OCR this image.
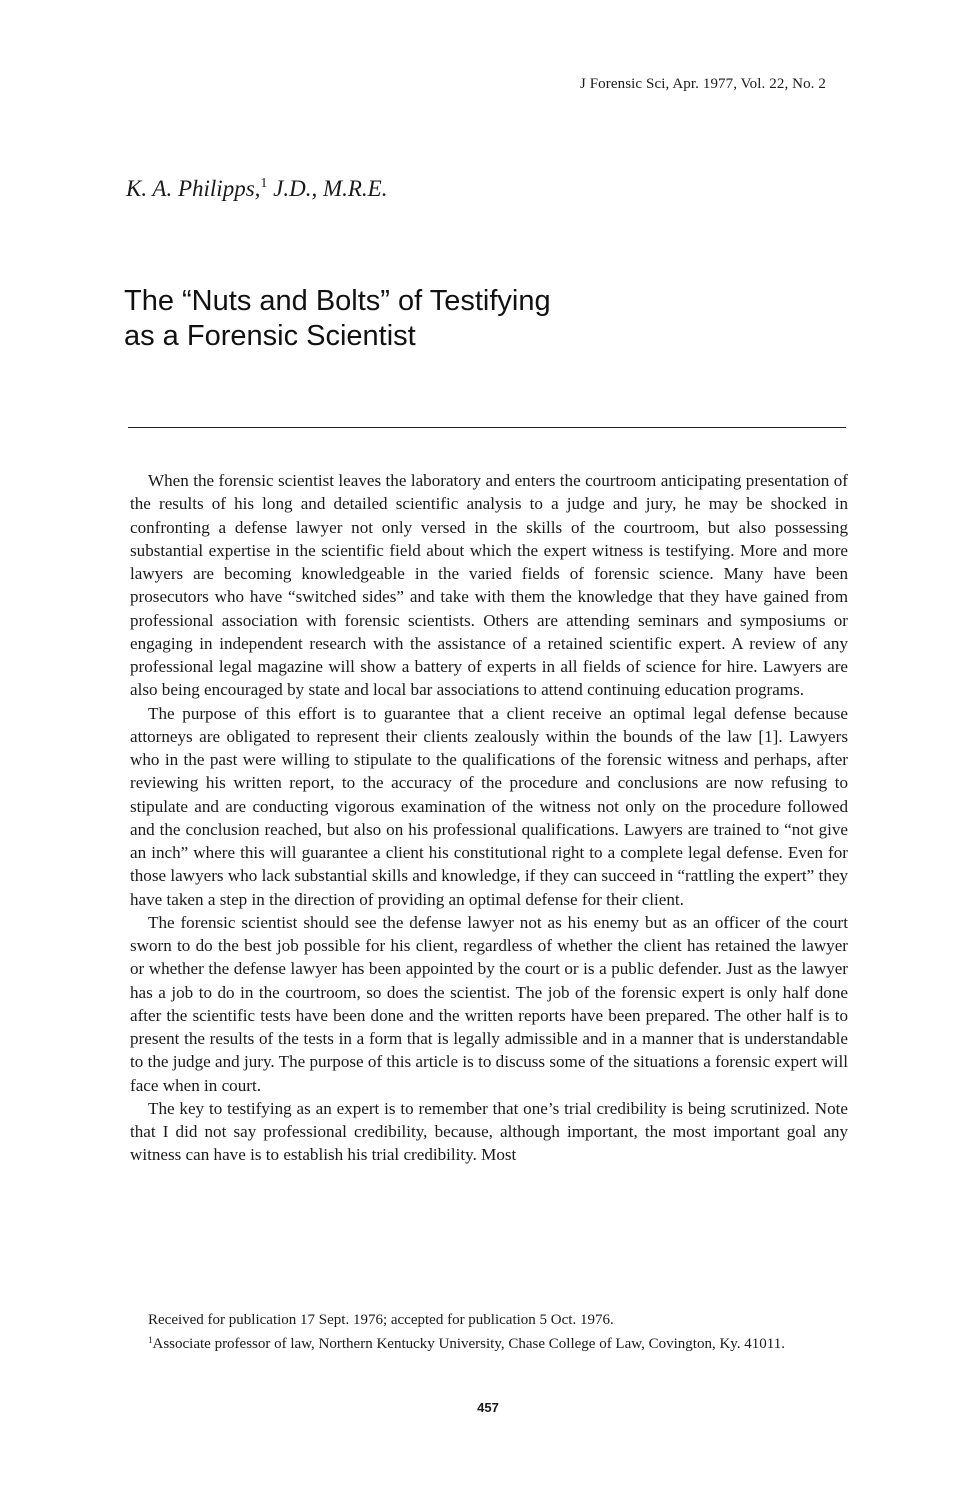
J Forensic Sci, Apr. 1977, Vol. 22, No. 2
K. A. Philipps,$^1$ J.D., M.R.E.
The “Nuts and Bolts” of Testifying
as a Forensic Scientist

When the forensic scientist leaves the laboratory and enters the courtroom anticipating presentation of the results of his long and detailed scientific analysis to a judge and jury, he may be shocked in confronting a defense lawyer not only versed in the skills of the courtroom, but also possessing substantial expertise in the scientific field about which the expert witness is testifying. More and more lawyers are becoming knowledgeable in the varied fields of forensic science. Many have been prosecutors who have “switched sides” and take with them the knowledge that they have gained from professional association with forensic scientists. Others are attending seminars and symposiums or engaging in independent research with the assistance of a retained scientific expert. A review of any professional legal magazine will show a battery of experts in all fields of science for hire. Lawyers are also being encouraged by state and local bar associations to attend continuing education programs.

The purpose of this effort is to guarantee that a client receive an optimal legal defense because attorneys are obligated to represent their clients zealously within the bounds of the law [1]. Lawyers who in the past were willing to stipulate to the qualifications of the forensic witness and perhaps, after reviewing his written report, to the accuracy of the procedure and conclusions are now refusing to stipulate and are conducting vigorous examination of the witness not only on the procedure followed and the conclusion reached, but also on his professional qualifications. Lawyers are trained to “not give an inch” where this will guarantee a client his constitutional right to a complete legal defense. Even for those lawyers who lack substantial skills and knowledge, if they can succeed in “rattling the expert” they have taken a step in the direction of providing an optimal defense for their client.

The forensic scientist should see the defense lawyer not as his enemy but as an officer of the court sworn to do the best job possible for his client, regardless of whether the client has retained the lawyer or whether the defense lawyer has been appointed by the court or is a public defender. Just as the lawyer has a job to do in the courtroom, so does the scientist. The job of the forensic expert is only half done after the scientific tests have been done and the written reports have been prepared. The other half is to present the results of the tests in a form that is legally admissible and in a manner that is understandable to the judge and jury. The purpose of this article is to discuss some of the situations a forensic expert will face when in court.

The key to testifying as an expert is to remember that one’s trial credibility is being scrutinized. Note that I did not say professional credibility, because, although important, the most important goal any witness can have is to establish his trial credibility. Most

Received for publication 17 Sept. 1976; accepted for publication 5 Oct. 1976.

$^1$Associate professor of law, Northern Kentucky University, Chase College of Law, Covington, Ky. 41011.

457
